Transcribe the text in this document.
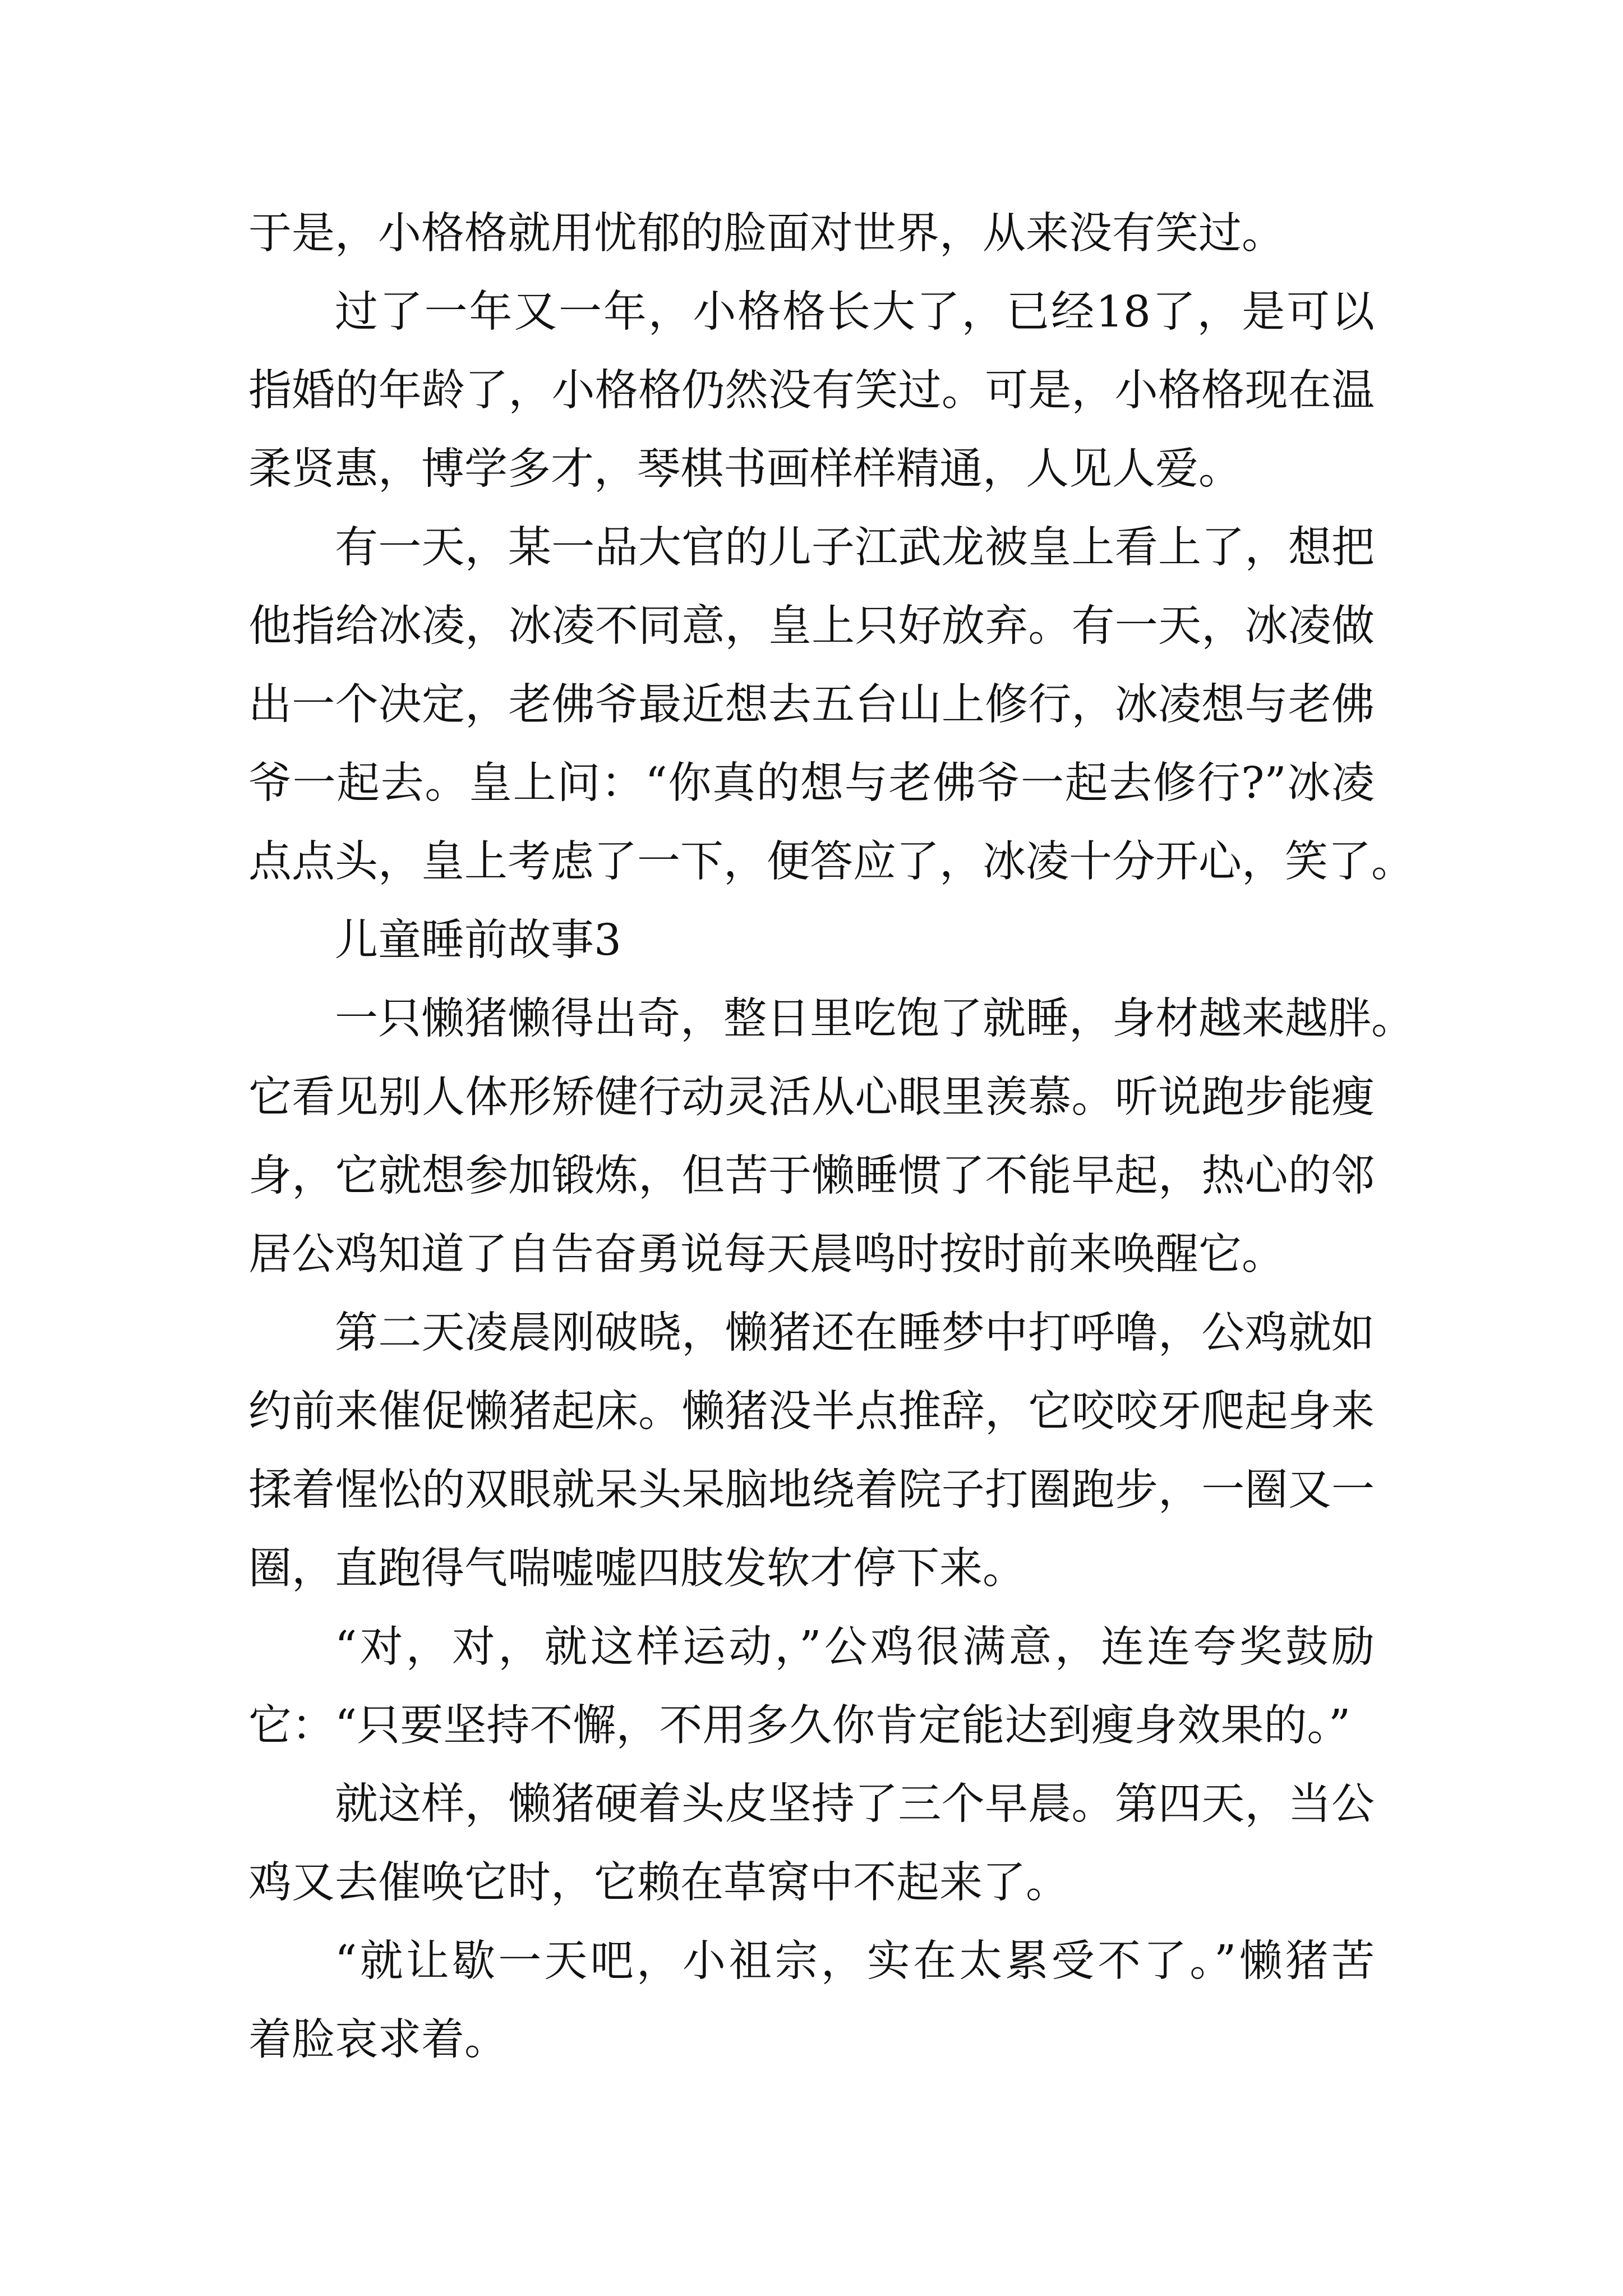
于是，小格格就用忧郁的脸面对世界，从来没有笑过。
过了一年又一年，小格格长大了，已经18了，是可以
指婚的年龄了，小格格仍然没有笑过。可是，小格格现在温
柔贤惠，博学多才，琴棋书画样样精通，人见人爱。
有一天，某一品大官的儿子江武龙被皇上看上了，想把
他指给冰凌，冰凌不同意，皇上只好放弃。有一天，冰凌做
出一个决定，老佛爷最近想去五台山上修行，冰凌想与老佛
爷一起去。皇上问：“你真的想与老佛爷一起去修行?”冰凌
点点头，皇上考虑了一下，便答应了，冰凌十分开心，笑了。
儿童睡前故事3
一只懒猪懒得出奇，整日里吃饱了就睡，身材越来越胖。
它看见别人体形矫健行动灵活从心眼里羡慕。听说跑步能瘦
身，它就想参加锻炼，但苦于懒睡惯了不能早起，热心的邻
居公鸡知道了自告奋勇说每天晨鸣时按时前来唤醒它。
第二天凌晨刚破晓，懒猪还在睡梦中打呼噜，公鸡就如
约前来催促懒猪起床。懒猪没半点推辞，它咬咬牙爬起身来
揉着惺忪的双眼就呆头呆脑地绕着院子打圈跑步，一圈又一
圈，直跑得气喘嘘嘘四肢发软才停下来。
“对，对，就这样运动，”公鸡很满意，连连夸奖鼓励
它：“只要坚持不懈，不用多久你肯定能达到瘦身效果的。”
就这样，懒猪硬着头皮坚持了三个早晨。第四天，当公
鸡又去催唤它时，它赖在草窝中不起来了。
“就让歇一天吧，小祖宗，实在太累受不了。”懒猪苦
着脸哀求着。
